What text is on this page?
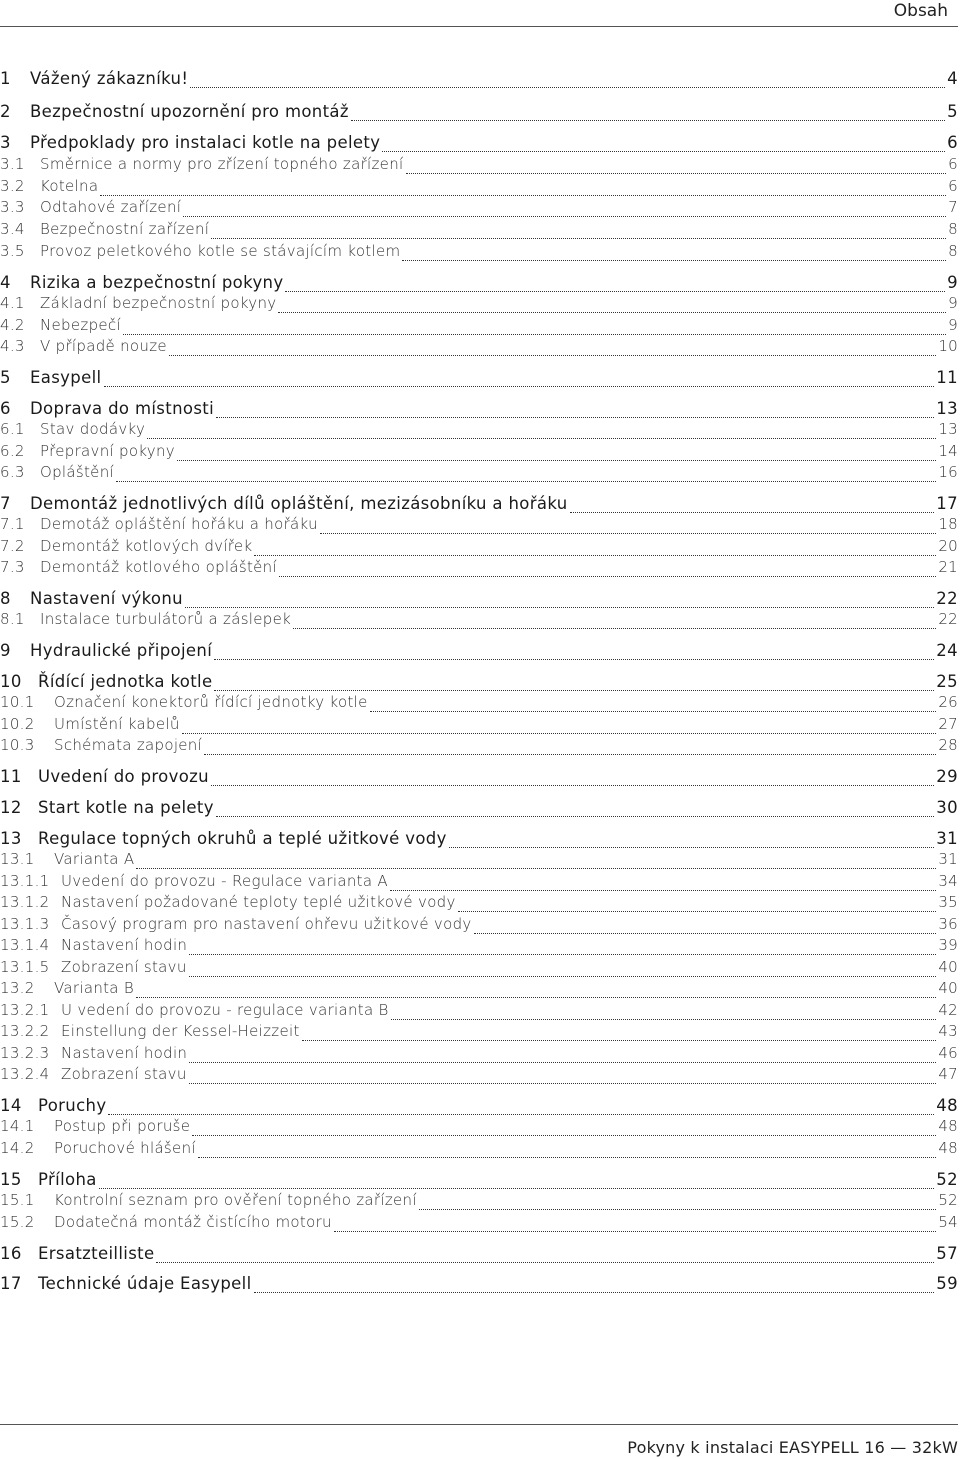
Obsah
1	Vážený zákazníku!	4
2	Bezpečnostní upozornění pro montáž	5
3	Předpoklady pro instalaci kotle na pelety	6
3.1	Směrnice a normy pro zřízení topného zařízení	6
3.2	Kotelna	6
3.3	Odtahové zařízení	7
3.4	Bezpečnostní zařízení	8
3.5	Provoz peletkového kotle se stávajícím kotlem	8
4	Rizika a bezpečnostní pokyny	9
4.1	Základní bezpečnostní pokyny	9
4.2	Nebezpečí	9
4.3	V případě nouze	10
5	Easypell	11
6	Doprava do místnosti	13
6.1	Stav dodávky	13
6.2	Přepravní pokyny	14
6.3	Opláštění	16
7	Demontáž jednotlivých dílů opláštění, mezizásobníku a hořáku	17
7.1	Demotáž opláštění hořáku a hořáku	18
7.2	Demontáž kotlových dvířek	20
7.3	Demontáž kotlového opláštění	21
8	Nastavení výkonu	22
8.1	Instalace turbulátorů a záslepek	22
9	Hydraulické připojení	24
10 Řídící jednotka kotle	25
10.1	Označení konektorů řídící jednotky kotle	26
10.2	Umístění kabelů	27
10.3	Schémata zapojení	28
11 Uvedení do provozu	29
12 Start kotle na pelety	30
13 Regulace topných okruhů a teplé užitkové vody	31
13.1	Varianta A	31
13.1.1 Uvedení do provozu - Regulace varianta A	34
13.1.2 Nastavení požadované teploty teplé užitkové vody	35
13.1.3 Časový program pro nastavení ohřevu užitkové vody	36
13.1.4 Nastavení hodin	39
13.1.5 Zobrazení stavu	40
13.2	Varianta B	40
13.2.1 U vedení do provozu - regulace varianta B	42
13.2.2 Einstellung der Kessel-Heizzeit	43
13.2.3 Nastavení hodin	46
13.2.4 Zobrazení stavu	47
14 Poruchy	48
14.1	Postup při poruše	48
14.2	Poruchové hlášení	48
15 Příloha	52
15.1	Kontrolní seznam pro ověření topného zařízení	52
15.2	Dodatečná montáž čistícího motoru	54
16 Ersatzteilliste	57
17 Technické údaje Easypell	59
Pokyny k instalaci EASYPELL 16 — 32kW
